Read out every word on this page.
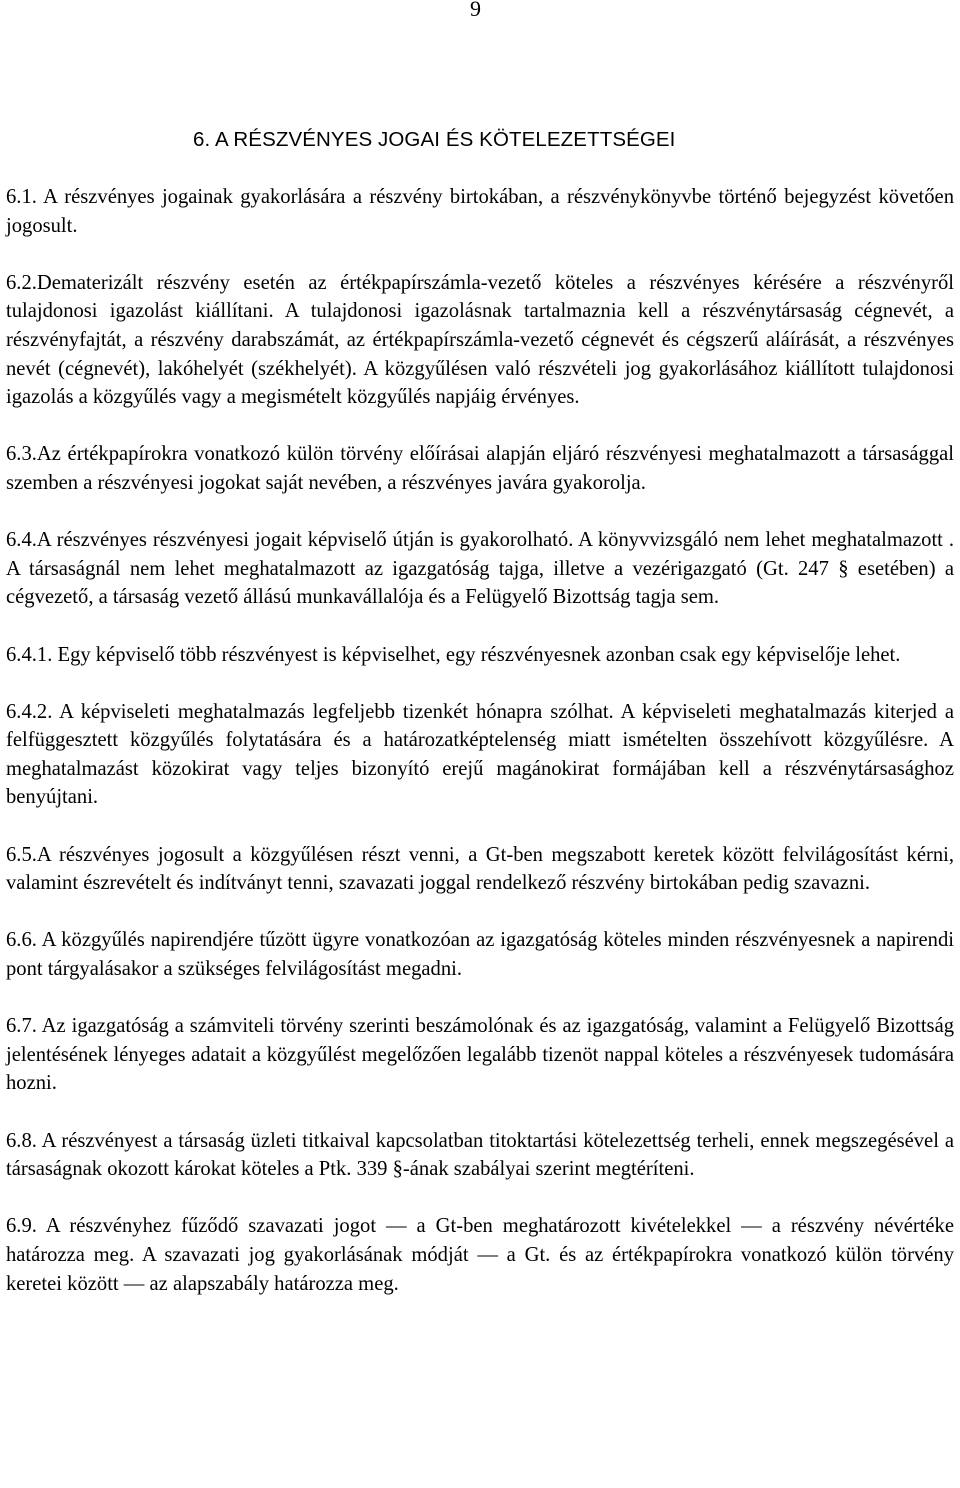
9
6. A RÉSZVÉNYES JOGAI ÉS KÖTELEZETTSÉGEI

6.1. A részvényes jogainak gyakorlására a részvény birtokában, a részvénykönyvbe történő bejegyzést követően jogosult.

6.2.Dematerizált részvény esetén az értékpapírszámla-vezető köteles a részvényes kérésére a részvényről tulajdonosi igazolást kiállítani. A tulajdonosi igazolásnak tartalmaznia kell a részvénytársaság cégnevét, a részvényfajtát, a részvény darabszámát, az értékpapírszámla-vezető cégnevét és cégszerű aláírását, a részvényes nevét (cégnevét), lakóhelyét (székhelyét). A közgyűlésen való részvételi jog gyakorlásához kiállított tulajdonosi igazolás a közgyűlés vagy a megismételt közgyűlés napjáig érvényes.

6.3.Az értékpapírokra vonatkozó külön törvény előírásai alapján eljáró részvényesi meghatalmazott a társasággal szemben a részvényesi jogokat saját nevében, a részvényes javára gyakorolja.

6.4.A részvényes részvényesi jogait képviselő útján is gyakorolható. A könyvvizsgáló nem lehet meghatalmazott . A társaságnál nem lehet meghatalmazott az igazgatóság tajga, illetve a vezérigazgató (Gt. 247 § esetében) a cégvezető, a társaság vezető állású munkavállalója és a Felügyelő Bizottság tagja sem.

6.4.1. Egy képviselő több részvényest is képviselhet, egy részvényesnek azonban csak egy képviselője lehet.

6.4.2. A képviseleti meghatalmazás legfeljebb tizenkét hónapra szólhat. A képviseleti meghatalmazás kiterjed a felfüggesztett közgyűlés folytatására és a határozatképtelenség miatt ismételten összehívott közgyűlésre. A meghatalmazást közokirat vagy teljes bizonyító erejű magánokirat formájában kell a részvénytársasághoz benyújtani.

6.5.A részvényes jogosult a közgyűlésen részt venni, a Gt-ben megszabott keretek között felvilágosítást kérni, valamint észrevételt és indítványt tenni, szavazati joggal rendelkező részvény birtokában pedig szavazni.

6.6. A közgyűlés napirendjére tűzött ügyre vonatkozóan az igazgatóság köteles minden részvényesnek a napirendi pont tárgyalásakor a szükséges felvilágosítást megadni.

6.7. Az igazgatóság a számviteli törvény szerinti beszámolónak és az igazgatóság, valamint a Felügyelő Bizottság jelentésének lényeges adatait a közgyűlést megelőzően legalább tizenöt nappal köteles a részvényesek tudomására hozni.

6.8. A részvényest a társaság üzleti titkaival kapcsolatban titoktartási kötelezettség terheli, ennek megszegésével a társaságnak okozott károkat köteles a Ptk. 339 §-ának szabályai szerint megtéríteni.

6.9. A részvényhez fűződő szavazati jogot — a Gt-ben meghatározott kivételekkel — a részvény névértéke határozza meg. A szavazati jog gyakorlásának módját — a Gt. és az értékpapírokra vonatkozó külön törvény keretei között — az alapszabály határozza meg.
